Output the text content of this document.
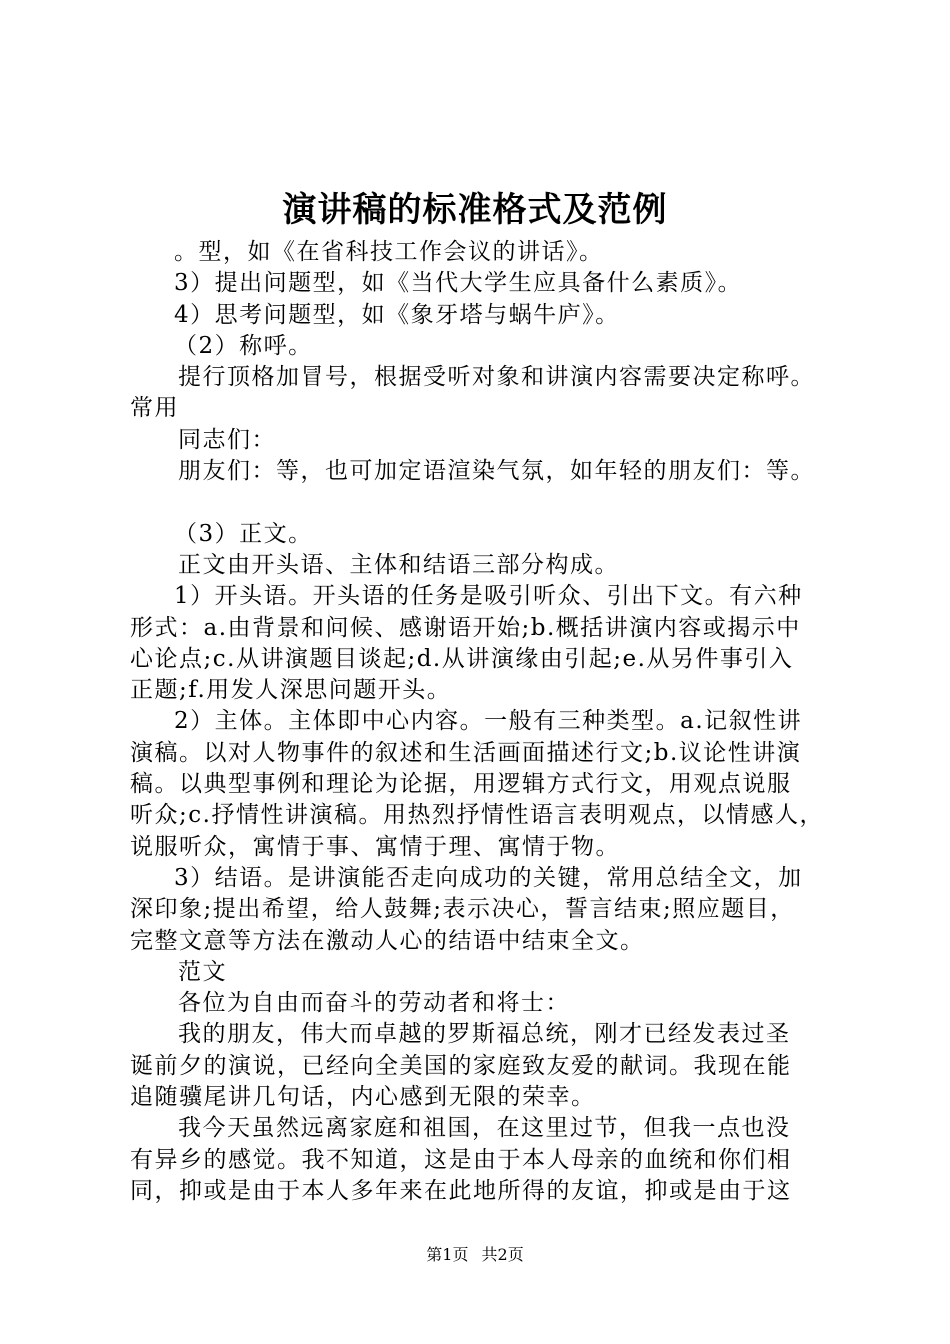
演讲稿的标准格式及范例
。型，如《在省科技工作会议的讲话》。
3）提出问题型，如《当代大学生应具备什么素质》。
4）思考问题型，如《象牙塔与蜗牛庐》。
（2）称呼。
提行顶格加冒号，根据受听对象和讲演内容需要决定称呼。
常用
同志们：
朋友们：等，也可加定语渲染气氛，如年轻的朋友们：等。
（3）正文。
正文由开头语、主体和结语三部分构成。
1）开头语。开头语的任务是吸引听众、引出下文。有六种
形式：a.由背景和问候、感谢语开始;b.概括讲演内容或揭示中
心论点;c.从讲演题目谈起;d.从讲演缘由引起;e.从另件事引入
正题;f.用发人深思问题开头。
2）主体。主体即中心内容。一般有三种类型。a.记叙性讲
演稿。以对人物事件的叙述和生活画面描述行文;b.议论性讲演
稿。以典型事例和理论为论据，用逻辑方式行文，用观点说服
听众;c.抒情性讲演稿。用热烈抒情性语言表明观点，以情感人，
说服听众，寓情于事、寓情于理、寓情于物。
3）结语。是讲演能否走向成功的关键，常用总结全文，加
深印象;提出希望，给人鼓舞;表示决心，誓言结束;照应题目，
完整文意等方法在激动人心的结语中结束全文。
范文
各位为自由而奋斗的劳动者和将士：
我的朋友，伟大而卓越的罗斯福总统，刚才已经发表过圣
诞前夕的演说，已经向全美国的家庭致友爱的献词。我现在能
追随骥尾讲几句话，内心感到无限的荣幸。
我今天虽然远离家庭和祖国，在这里过节，但我一点也没
有异乡的感觉。我不知道，这是由于本人母亲的血统和你们相
同，抑或是由于本人多年来在此地所得的友谊，抑或是由于这
第1页 共2页
